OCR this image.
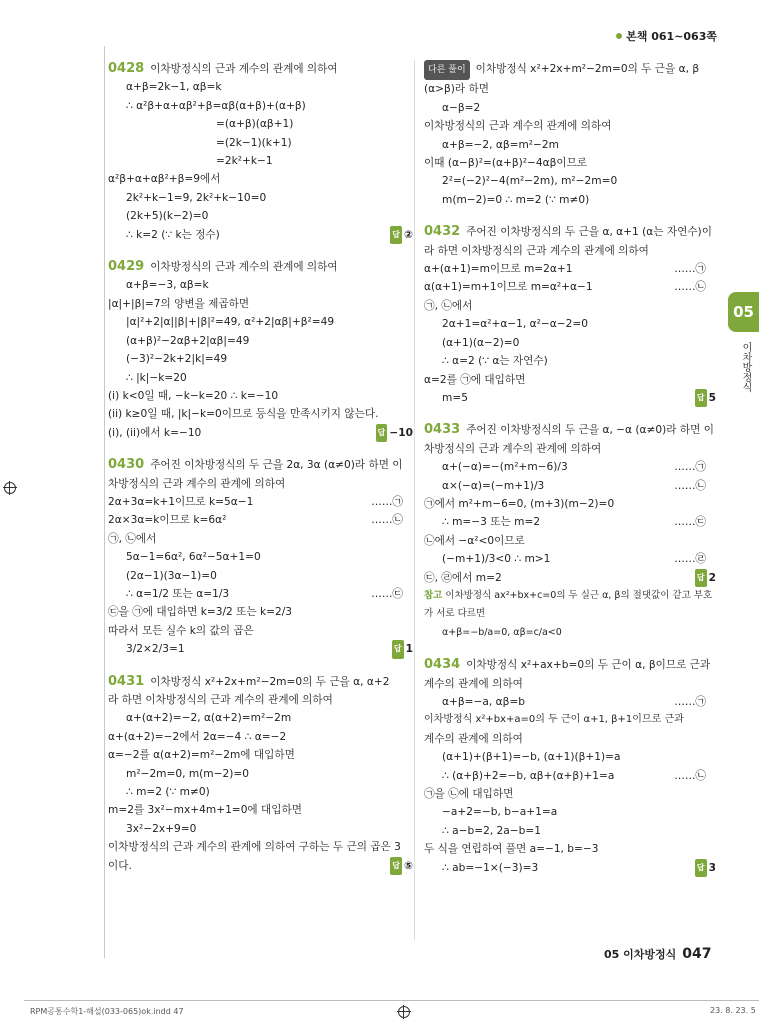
본책 061~063쪽
05
이차방정식
0428 이차방정식의 근과 계수의 관계에 의하여
α+β=2k−1, αβ=k
∴ α²β+α+αβ²+β=αβ(α+β)+(α+β)
=(α+β)(αβ+1)
=(2k−1)(k+1)
=2k²+k−1
α²β+α+αβ²+β=9에서
2k²+k−1=9, 2k²+k−10=0
(2k+5)(k−2)=0
∴ k=2 (∵ k는 정수)	답 ②
0429 이차방정식의 근과 계수의 관계에 의하여
α+β=−3, αβ=k
|α|+|β|=7의 양변을 제곱하면
|α|²+2|α||β|+|β|²=49, α²+2|αβ|+β²=49
(α+β)²−2αβ+2|αβ|=49
(−3)²−2k+2|k|=49
∴ |k|−k=20
(i) k<0일 때, −k−k=20 ∴ k=−10
(ii) k≥0일 때, |k|−k=0이므로 등식을 만족시키지 않는다.
(i), (ii)에서 k=−10	답 −10
0430 주어진 이차방정식의 두 근을 2α, 3α (α≠0)라 하면 이
차방정식의 근과 계수의 관계에 의하여
2α+3α=k+1이므로 k=5α−1	……㉠
2α×3α=k이므로 k=6α²	……㉡
㉠, ㉡에서
5α−1=6α², 6α²−5α+1=0
(2α−1)(3α−1)=0
∴ α=1/2 또는 α=1/3	……㉢
㉢을 ㉠에 대입하면 k=3/2 또는 k=2/3
따라서 모든 실수 k의 값의 곱은
3/2×2/3=1	답 1
0431 이차방정식 x²+2x+m²−2m=0의 두 근을 α, α+2
라 하면 이차방정식의 근과 계수의 관계에 의하여
α+(α+2)=−2, α(α+2)=m²−2m
α+(α+2)=−2에서 2α=−4 ∴ α=−2
α=−2를 α(α+2)=m²−2m에 대입하면
m²−2m=0, m(m−2)=0
∴ m=2 (∵ m≠0)
m=2를 3x²−mx+4m+1=0에 대입하면
3x²−2x+9=0
이차방정식의 근과 계수의 관계에 의하여 구하는 두 근의 곱은 3
이다.	답 ⑤
다른 풀이 이차방정식 x²+2x+m²−2m=0의 두 근을 α, β
(α>β)라 하면
α−β=2
이차방정식의 근과 계수의 관계에 의하여
α+β=−2, αβ=m²−2m
이때 (α−β)²=(α+β)²−4αβ이므로
2²=(−2)²−4(m²−2m), m²−2m=0
m(m−2)=0 ∴ m=2 (∵ m≠0)
0432 주어진 이차방정식의 두 근을 α, α+1 (α는 자연수)이
라 하면 이차방정식의 근과 계수의 관계에 의하여
α+(α+1)=m이므로 m=2α+1	……㉠
α(α+1)=m+1이므로 m=α²+α−1	……㉡
㉠, ㉡에서
2α+1=α²+α−1, α²−α−2=0
(α+1)(α−2)=0
∴ α=2 (∵ α는 자연수)
α=2를 ㉠에 대입하면
m=5	답 5
0433 주어진 이차방정식의 두 근을 α, −α (α≠0)라 하면 이
차방정식의 근과 계수의 관계에 의하여
α+(−α)=−(m²+m−6)/3	……㉠
α×(−α)=(−m+1)/3	……㉡
㉠에서 m²+m−6=0, (m+3)(m−2)=0
∴ m=−3 또는 m=2	……㉢
㉡에서 −α²<0이므로
(−m+1)/3<0 ∴ m>1	……㉣
㉢, ㉣에서 m=2	답 2
참고 이차방정식 ax²+bx+c=0의 두 실근 α, β의 절댓값이 같고 부호
가 서로 다르면
α+β=−b/a=0, αβ=c/a<0
0434 이차방정식 x²+ax+b=0의 두 근이 α, β이므로 근과
계수의 관계에 의하여
α+β=−a, αβ=b	……㉠
이차방정식 x²+bx+a=0의 두 근이 α+1, β+1이므로 근과
계수의 관계에 의하여
(α+1)+(β+1)=−b, (α+1)(β+1)=a
∴ (α+β)+2=−b, αβ+(α+β)+1=a	……㉡
㉠을 ㉡에 대입하면
−a+2=−b, b−a+1=a
∴ a−b=2, 2a−b=1
두 식을 연립하여 풀면 a=−1, b=−3
∴ ab=−1×(−3)=3	답 3
05 이차방정식 047
RPM공통수학1-해설(033-065)ok.indd 47	23. 8. 23. 5
